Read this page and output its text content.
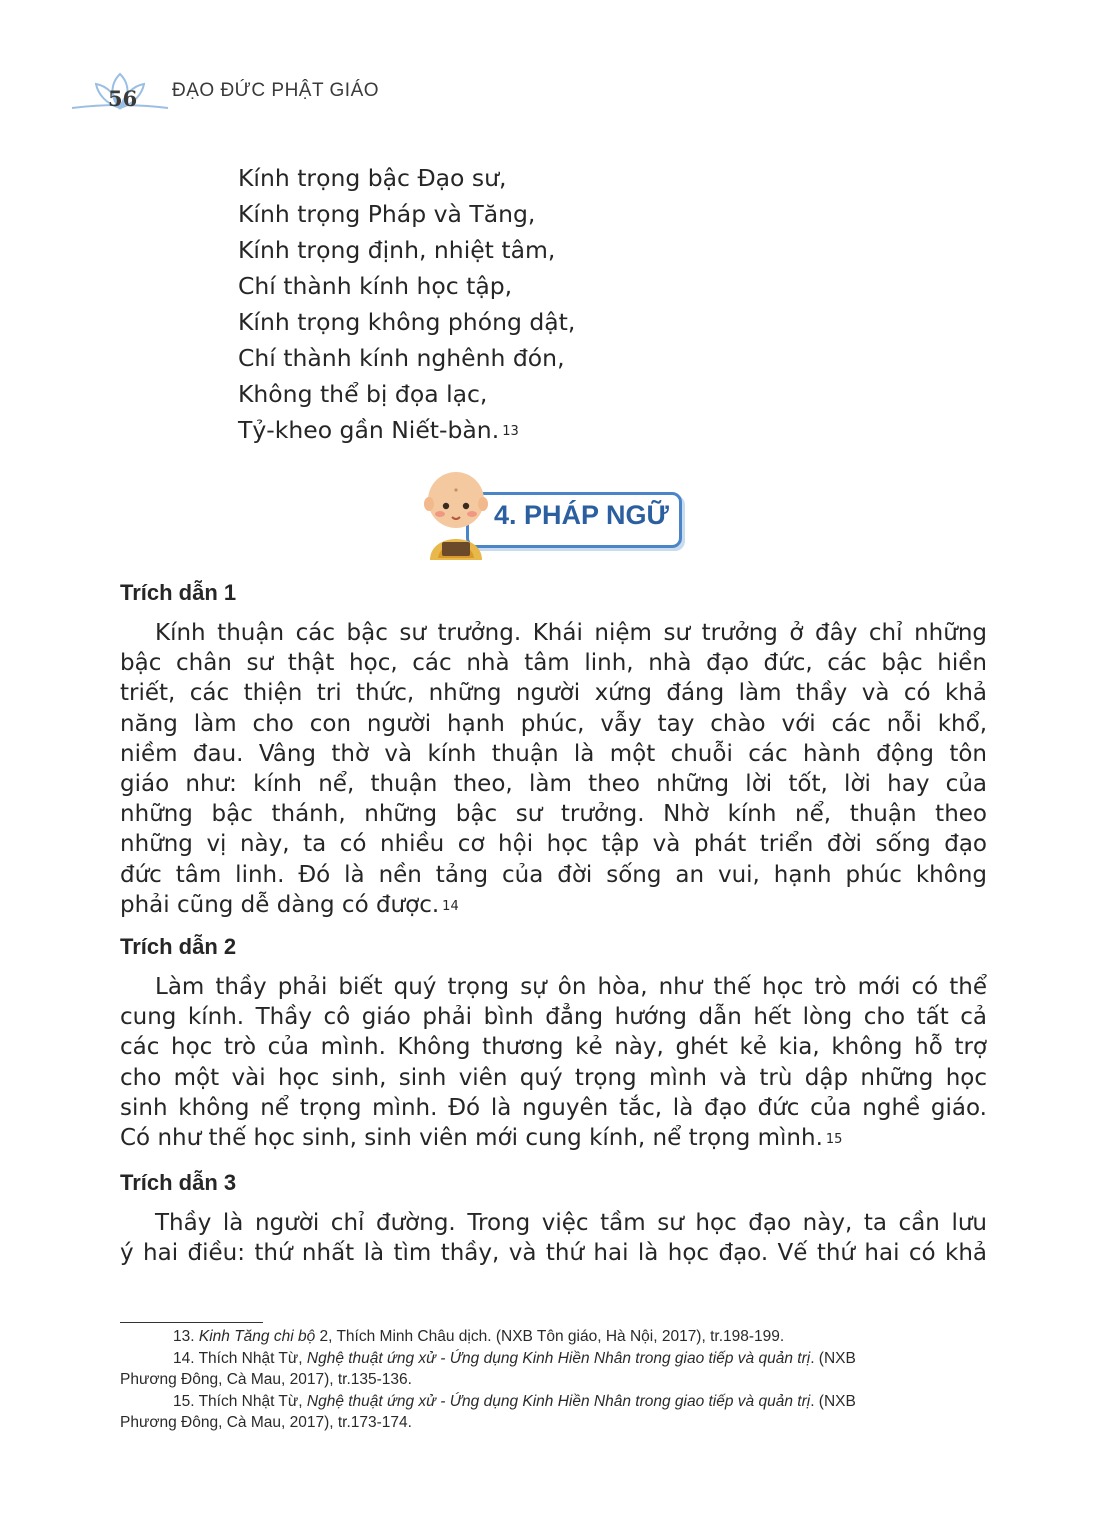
56 ĐẠO ĐỨC PHẬT GIÁO
Kính trọng bậc Đạo sư,
Kính trọng Pháp và Tăng,
Kính trọng định, nhiệt tâm,
Chí thành kính học tập,
Kính trọng không phóng dật,
Chí thành kính nghênh đón,
Không thể bị đọa lạc,
Tỷ-kheo gần Niết-bàn. $^{13}$
4. PHÁP NGỮ
Trích dẫn 1
Kính thuận các bậc sư trưởng. Khái niệm sư trưởng ở đây chỉ những
bậc chân sư thật học, các nhà tâm linh, nhà đạo đức, các bậc hiền
triết, các thiện tri thức, những người xứng đáng làm thầy và có khả
năng làm cho con người hạnh phúc, vẫy tay chào với các nỗi khổ,
niềm đau. Vâng thờ và kính thuận là một chuỗi các hành động tôn
giáo như: kính nể, thuận theo, làm theo những lời tốt, lời hay của
những bậc thánh, những bậc sư trưởng. Nhờ kính nể, thuận theo
những vị này, ta có nhiều cơ hội học tập và phát triển đời sống đạo
đức tâm linh. Đó là nền tảng của đời sống an vui, hạnh phúc không
phải cũng dễ dàng có được. $^{14}$
Trích dẫn 2
Làm thầy phải biết quý trọng sự ôn hòa, như thế học trò mới có thể
cung kính. Thầy cô giáo phải bình đẳng hướng dẫn hết lòng cho tất cả
các học trò của mình. Không thương kẻ này, ghét kẻ kia, không hỗ trợ
cho một vài học sinh, sinh viên quý trọng mình và trù dập những học
sinh không nể trọng mình. Đó là nguyên tắc, là đạo đức của nghề giáo.
Có như thế học sinh, sinh viên mới cung kính, nể trọng mình. $^{15}$
Trích dẫn 3
Thầy là người chỉ đường. Trong việc tầm sư học đạo này, ta cần lưu
ý hai điều: thứ nhất là tìm thầy, và thứ hai là học đạo. Vế thứ hai có khả
13. Kinh Tăng chi bộ 2, Thích Minh Châu dịch. (NXB Tôn giáo, Hà Nội, 2017), tr.198-199.
14. Thích Nhật Từ, Nghệ thuật ứng xử - Ứng dụng Kinh Hiền Nhân trong giao tiếp và quản trị. (NXB
Phương Đông, Cà Mau, 2017), tr.135-136.
15. Thích Nhật Từ, Nghệ thuật ứng xử - Ứng dụng Kinh Hiền Nhân trong giao tiếp và quản trị. (NXB
Phương Đông, Cà Mau, 2017), tr.173-174.
